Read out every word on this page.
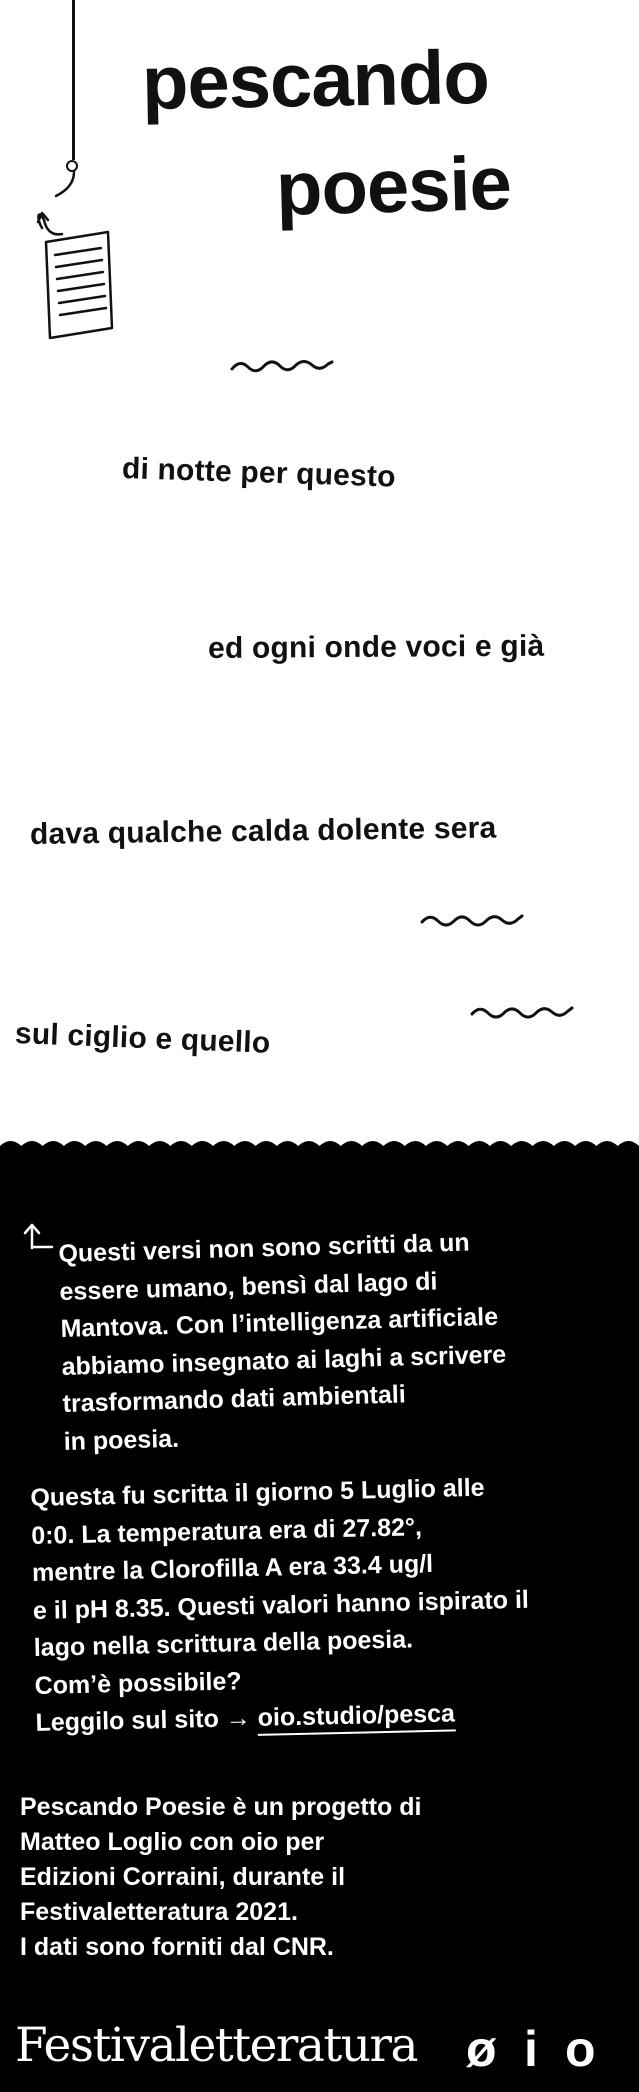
pescando
poesie
di notte per questo
ed ogni onde voci e già
dava qualche calda dolente sera
sul ciglio e quello

Questi versi non sono scritti da un

essere umano, bensì dal lago di

Mantova. Con l’intelligenza artificiale

abbiamo insegnato ai laghi a scrivere

trasformando dati ambientali

in poesia.

Questa fu scritta il giorno 5 Luglio alle

0:0. La temperatura era di 27.82°,

mentre la Clorofilla A era 33.4 ug/l

e il pH 8.35. Questi valori hanno ispirato il

lago nella scrittura della poesia.

Com’è possibile?

Leggilo sul sito → oio.studio/pesca

Pescando Poesie è un progetto di

Matteo Loglio con oio per

Edizioni Corraini, durante il

Festivaletteratura 2021.

I dati sono forniti dal CNR.

Festivaletteratura ø i o
